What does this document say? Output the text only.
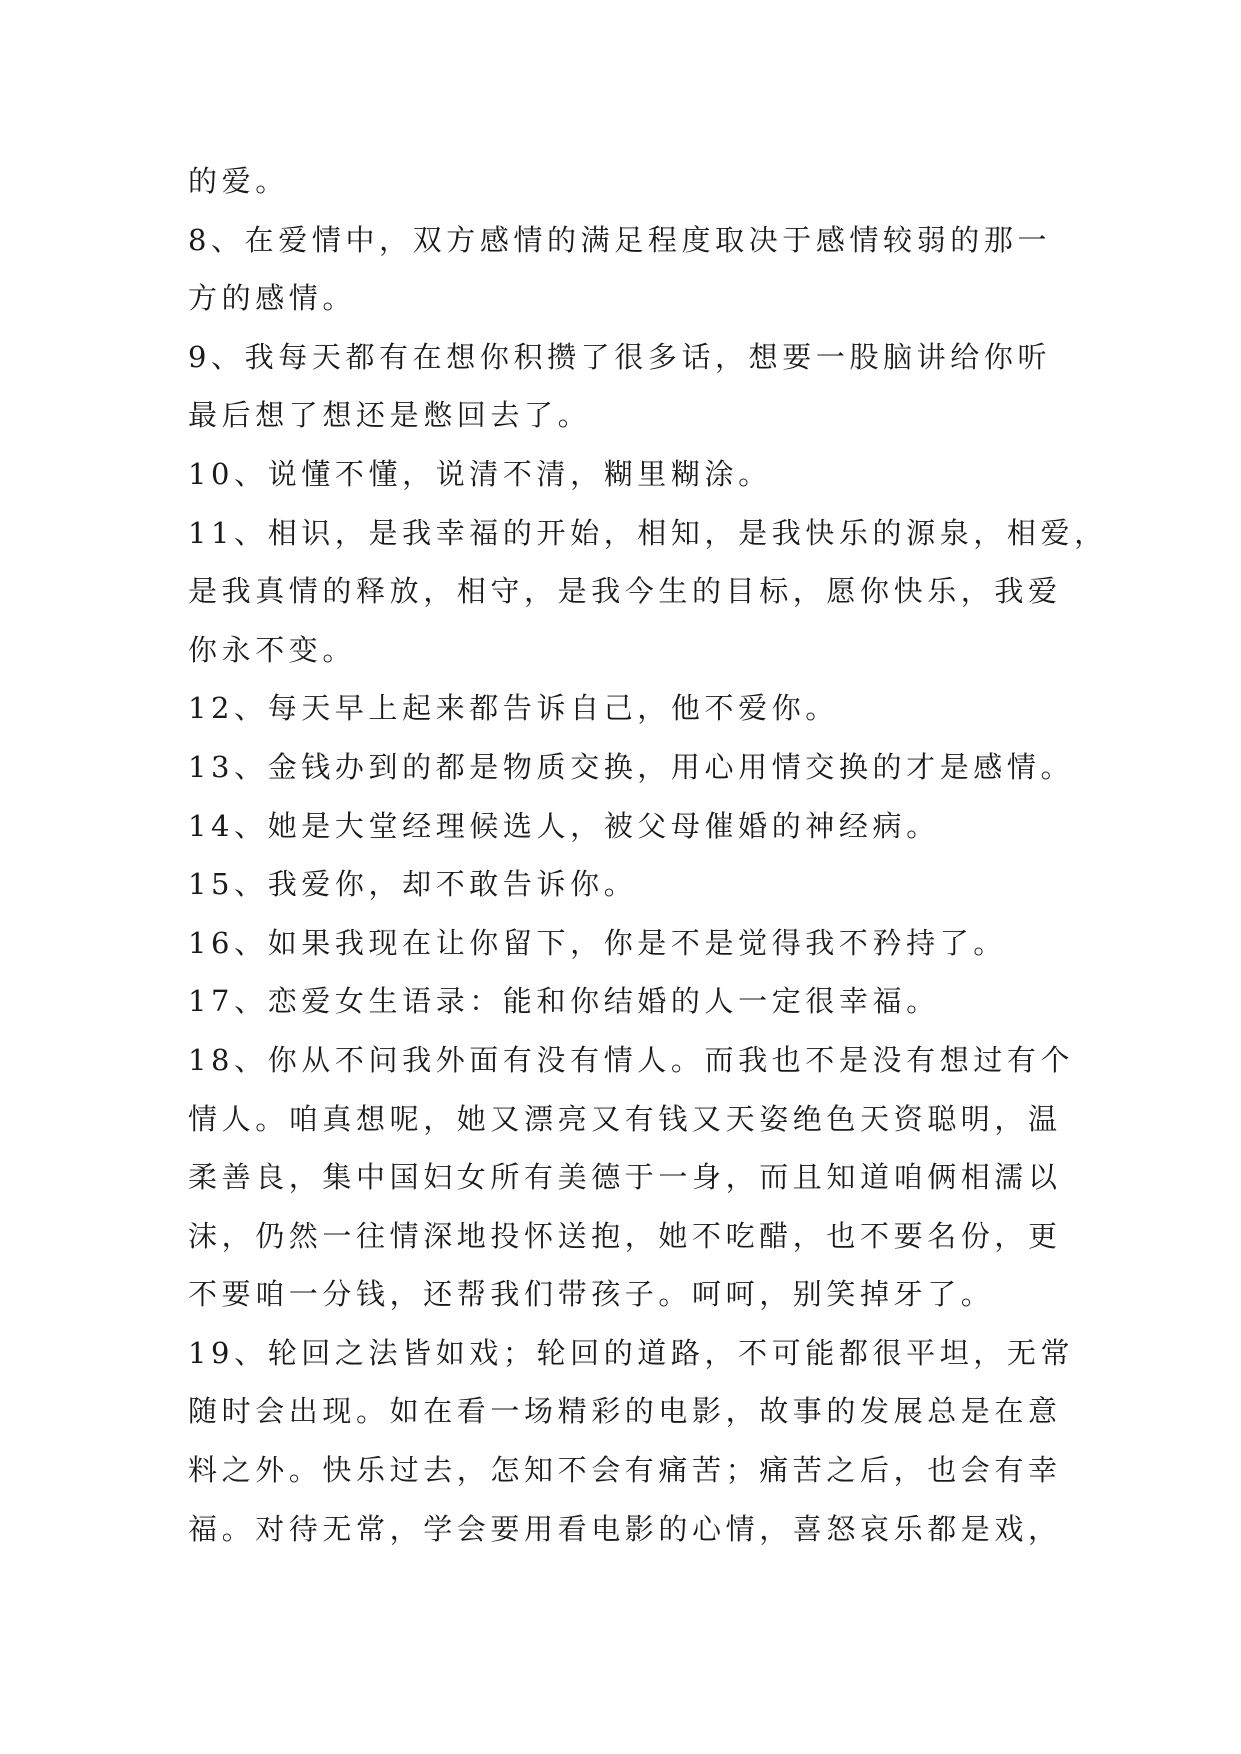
的爱。
8、在爱情中，双方感情的满足程度取决于感情较弱的那一
方的感情。
9、我每天都有在想你积攒了很多话，想要一股脑讲给你听
最后想了想还是憋回去了。
10、说懂不懂，说清不清，糊里糊涂。
11、相识，是我幸福的开始，相知，是我快乐的源泉，相爱，
是我真情的释放，相守，是我今生的目标，愿你快乐，我爱
你永不变。
12、每天早上起来都告诉自己，他不爱你。
13、金钱办到的都是物质交换，用心用情交换的才是感情。
14、她是大堂经理候选人，被父母催婚的神经病。
15、我爱你，却不敢告诉你。
16、如果我现在让你留下，你是不是觉得我不矜持了。
17、恋爱女生语录：能和你结婚的人一定很幸福。
18、你从不问我外面有没有情人。而我也不是没有想过有个
情人。咱真想呢，她又漂亮又有钱又天姿绝色天资聪明，温
柔善良，集中国妇女所有美德于一身，而且知道咱俩相濡以
沫，仍然一往情深地投怀送抱，她不吃醋，也不要名份，更
不要咱一分钱，还帮我们带孩子。呵呵，别笑掉牙了。
19、轮回之法皆如戏；轮回的道路，不可能都很平坦，无常
随时会出现。如在看一场精彩的电影，故事的发展总是在意
料之外。快乐过去，怎知不会有痛苦；痛苦之后，也会有幸
福。对待无常，学会要用看电影的心情，喜怒哀乐都是戏，
